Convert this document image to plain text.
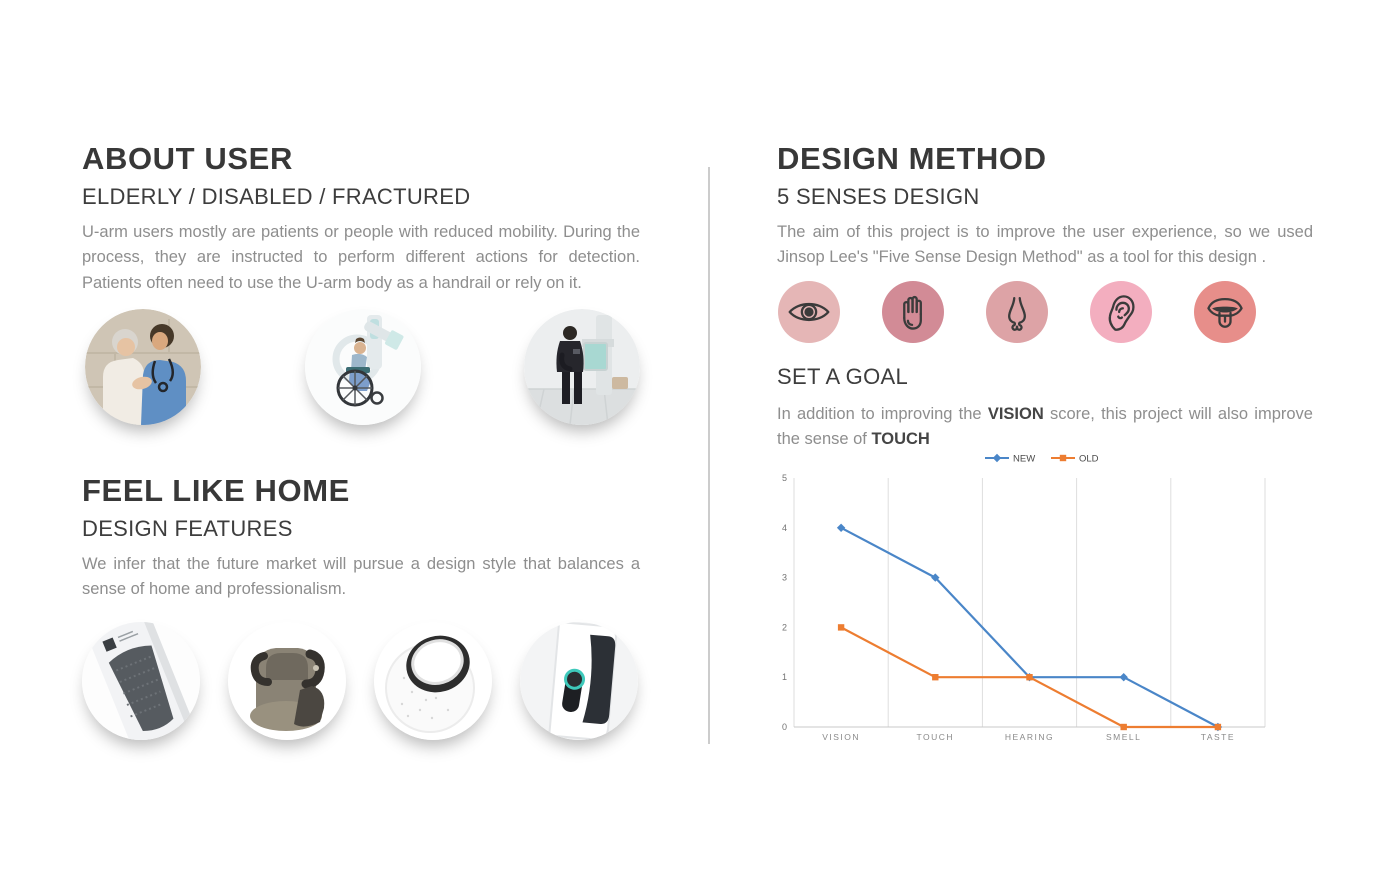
ABOUT USER
ELDERLY / DISABLED / FRACTURED

U-arm users mostly are patients or people with reduced mobility. During the process, they are instructed to perform different actions for detection. Patients often need to use the U-arm body as a handrail or rely on it.

FEEL LIKE HOME
DESIGN FEATURES

We infer that the future market will pursue a design style that balances a sense of home and professionalism.

DESIGN METHOD
5 SENSES DESIGN

The aim of this project is to improve the user experience, so we used Jinsop Lee's "Five Sense Design Method" as a tool for this design .

SET A GOAL

In addition to improving the VISION score, this project will also improve the sense of TOUCH

0
1
2
3
4
5
VISION	TOUCH	HEARING	SMELL	TASTE
NEW	OLD
